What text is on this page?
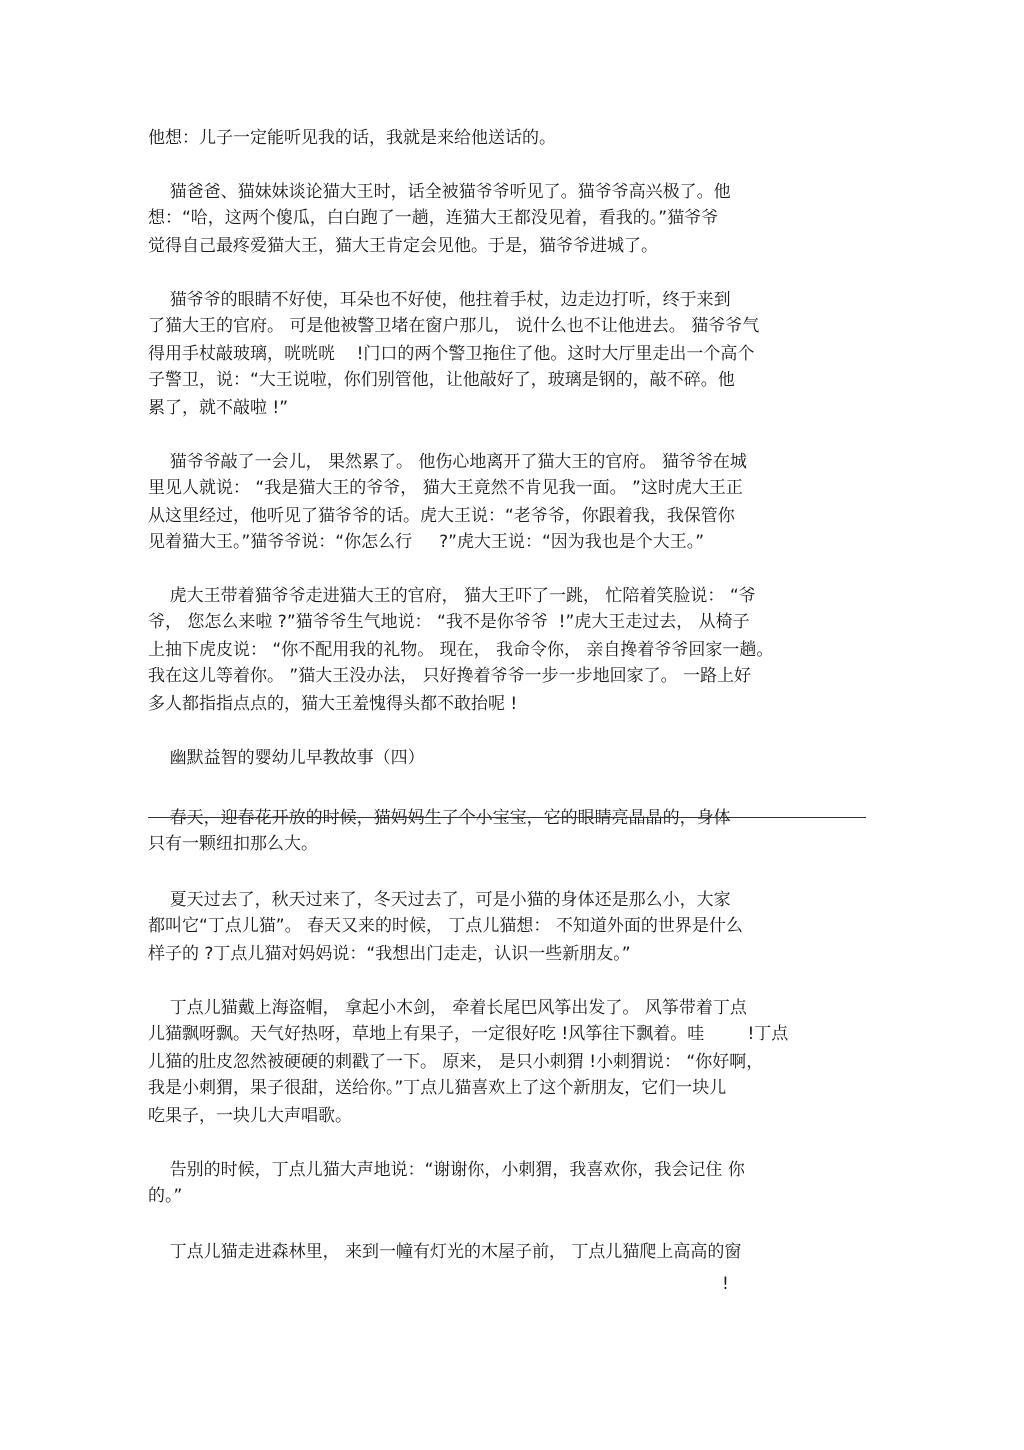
他想：儿子一定能听见我的话，我就是来给他送话的。
猫爸爸、猫妹妹谈论猫大王时，话全被猫爷爷听见了。猫爷爷高兴极了。他
想：“哈，这两个傻瓜，白白跑了一趟，连猫大王都没见着，看我的。”猫爷爷
觉得自己最疼爱猫大王，猫大王肯定会见他。于是，猫爷爷进城了。
猫爷爷的眼睛不好使，耳朵也不好使，他拄着手杖，边走边打听，终于来到
了猫大王的官府。 可是他被警卫堵在窗户那儿， 说什么也不让他进去。 猫爷爷气
得用手杖敲玻璃，咣咣咣    !门口的两个警卫拖住了他。这时大厅里走出一个高个
子警卫，说：“大王说啦，你们别管他，让他敲好了，玻璃是钢的，敲不碎。他
累了，就不敲啦 !”
猫爷爷敲了一会儿， 果然累了。 他伤心地离开了猫大王的官府。 猫爷爷在城
里见人就说： “我是猫大王的爷爷， 猫大王竟然不肯见我一面。 ”这时虎大王正
从这里经过，他听见了猫爷爷的话。虎大王说：“老爷爷，你跟着我，我保管你
见着猫大王。”猫爷爷说：“你怎么行     ?”虎大王说：“因为我也是个大王。”
虎大王带着猫爷爷走进猫大王的官府， 猫大王吓了一跳， 忙陪着笑脸说： “爷
爷， 您怎么来啦 ?”猫爷爷生气地说： “我不是你爷爷  !”虎大王走过去， 从椅子
上抽下虎皮说： “你不配用我的礼物。 现在， 我命令你， 亲自搀着爷爷回家一趟。
我在这儿等着你。 ”猫大王没办法， 只好搀着爷爷一步一步地回家了。 一路上好
多人都指指点点的，猫大王羞愧得头都不敢抬呢 !
幽默益智的婴幼儿早教故事（四）
春天，迎春花开放的时候，猫妈妈生了个小宝宝，它的眼睛亮晶晶的，身体
只有一颗纽扣那么大。
夏天过去了，秋天过来了，冬天过去了，可是小猫的身体还是那么小，大家
都叫它“丁点儿猫”。 春天又来的时候， 丁点儿猫想： 不知道外面的世界是什么
样子的 ?丁点儿猫对妈妈说：“我想出门走走，认识一些新朋友。”
丁点儿猫戴上海盗帽， 拿起小木剑， 牵着长尾巴风筝出发了。 风筝带着丁点
儿猫飘呀飘。天气好热呀，草地上有果子，一定很好吃 !风筝往下飘着。哇        !丁点
儿猫的肚皮忽然被硬硬的刺戳了一下。 原来， 是只小刺猬 !小刺猬说： “你好啊，
我是小刺猬，果子很甜，送给你。”丁点儿猫喜欢上了这个新朋友，它们一块儿
吃果子，一块儿大声唱歌。
告别的时候，丁点儿猫大声地说：“谢谢你，小刺猬，我喜欢你，我会记住 你
的。”
丁点儿猫走进森林里， 来到一幢有灯光的木屋子前， 丁点儿猫爬上高高的窗
!
